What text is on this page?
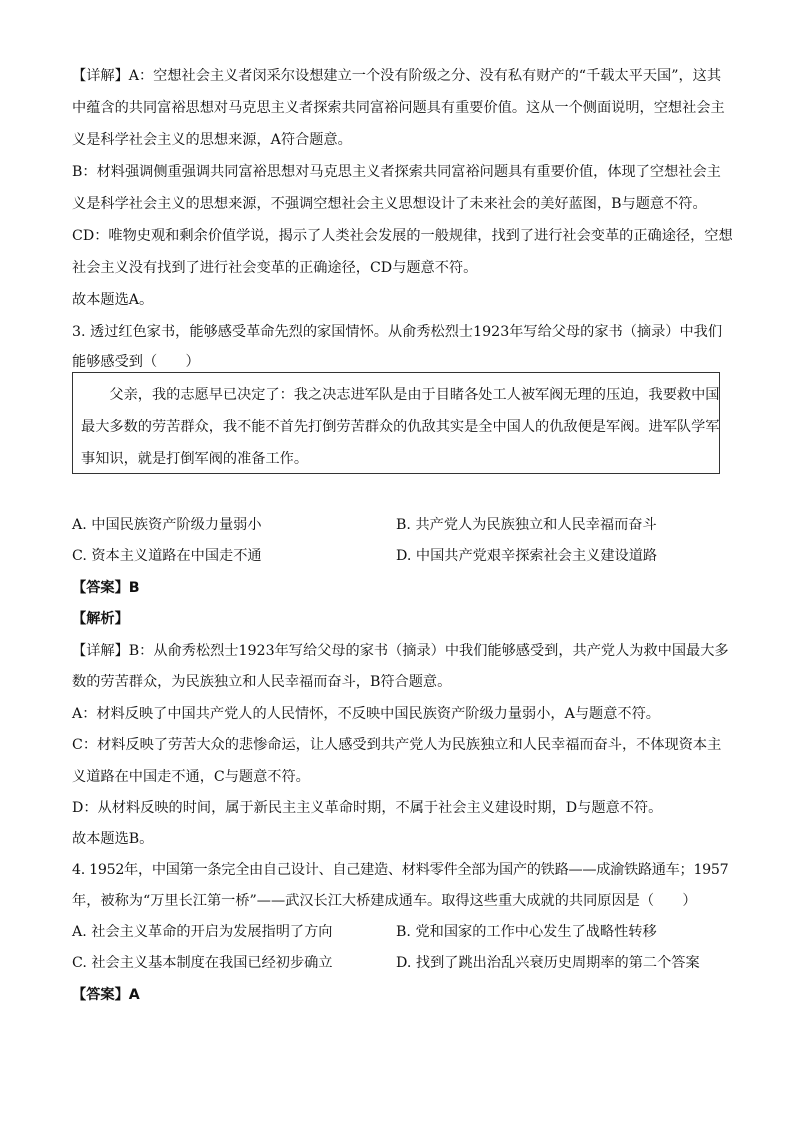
【详解】A：空想社会主义者闵采尔设想建立一个没有阶级之分、没有私有财产的“千载太平天国”，这其
中蕴含的共同富裕思想对马克思主义者探索共同富裕问题具有重要价值。这从一个侧面说明，空想社会主
义是科学社会主义的思想来源，A符合题意。
B：材料强调侧重强调共同富裕思想对马克思主义者探索共同富裕问题具有重要价值，体现了空想社会主
义是科学社会主义的思想来源，不强调空想社会主义思想设计了未来社会的美好蓝图，B与题意不符。
CD：唯物史观和剩余价值学说，揭示了人类社会发展的一般规律，找到了进行社会变革的正确途径，空想
社会主义没有找到了进行社会变革的正确途径，CD与题意不符。
故本题选A。
3. 透过红色家书，能够感受革命先烈的家国情怀。从俞秀松烈士1923年写给父母的家书（摘录）中我们
能够感受到（　　）
　　父亲，我的志愿早已决定了：我之决志进军队是由于目睹各处工人被军阀无理的压迫，我要救中国
最大多数的劳苦群众，我不能不首先打倒劳苦群众的仇敌其实是全中国人的仇敌便是军阀。进军队学军
事知识，就是打倒军阀的准备工作。
A. 中国民族资产阶级力量弱小	B. 共产党人为民族独立和人民幸福而奋斗
C. 资本主义道路在中国走不通	D. 中国共产党艰辛探索社会主义建设道路
【答案】B
【解析】
【详解】B：从俞秀松烈士1923年写给父母的家书（摘录）中我们能够感受到，共产党人为救中国最大多
数的劳苦群众，为民族独立和人民幸福而奋斗，B符合题意。
A：材料反映了中国共产党人的人民情怀，不反映中国民族资产阶级力量弱小，A与题意不符。
C：材料反映了劳苦大众的悲惨命运，让人感受到共产党人为民族独立和人民幸福而奋斗，不体现资本主
义道路在中国走不通，C与题意不符。
D：从材料反映的时间，属于新民主主义革命时期，不属于社会主义建设时期，D与题意不符。
故本题选B。
4. 1952年，中国第一条完全由自己设计、自己建造、材料零件全部为国产的铁路——成渝铁路通车；1957
年，被称为“万里长江第一桥”——武汉长江大桥建成通车。取得这些重大成就的共同原因是（　　）
A. 社会主义革命的开启为发展指明了方向	B. 党和国家的工作中心发生了战略性转移
C. 社会主义基本制度在我国已经初步确立	D. 找到了跳出治乱兴衰历史周期率的第二个答案
【答案】A
